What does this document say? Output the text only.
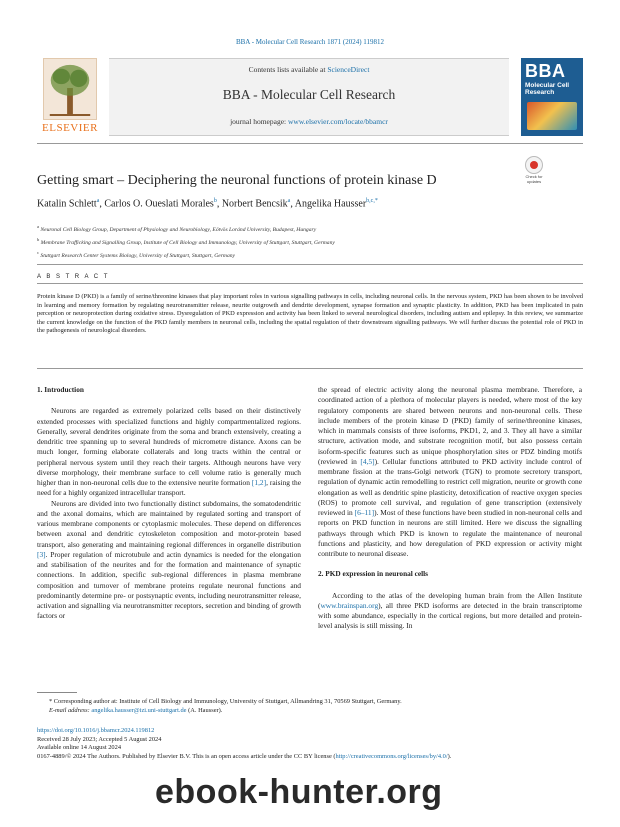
BBA - Molecular Cell Research 1871 (2024) 119812
ELSEVIER
Contents lists available at ScienceDirect
BBA - Molecular Cell Research
journal homepage: www.elsevier.com/locate/bbamcr
BBA
Molecular Cell Research
Getting smart – Deciphering the neuronal functions of protein kinase D	Check for
updates
Katalin Schlett$^a$, Carlos O. Oueslati Morales$^b$, Norbert Bencsik$^a$, Angelika Hausser$^{b,c,*}$
$^a$ Neuronal Cell Biology Group, Department of Physiology and Neurobiology, Eötvös Loránd University, Budapest, Hungary
$^b$ Membrane Trafficking and Signalling Group, Institute of Cell Biology and Immunology, University of Stuttgart, Stuttgart, Germany
$^c$ Stuttgart Research Center Systems Biology, University of Stuttgart, Stuttgart, Germany
A B S T R A C T
Protein kinase D (PKD) is a family of serine/threonine kinases that play important roles in various signalling pathways in cells, including neuronal cells. In the nervous system, PKD has been shown to be involved in learning and memory formation by regulating neurotransmitter release, neurite outgrowth and dendrite development, synapse formation and synaptic plasticity. In addition, PKD has been implicated in pain perception or neuroprotection during oxidative stress. Dysregulation of PKD expression and activity has been linked to several neurological disorders, including autism and epilepsy. In this review, we summarize the current knowledge on the function of the PKD family members in neuronal cells, including the spatial regulation of their downstream signalling pathways. We will further discuss the potential role of PKD in the pathogenesis of neurological disorders.
1. Introduction

Neurons are regarded as extremely polarized cells based on their distinctively extended processes with specialized functions and highly compartmentalized regions. Generally, several dendrites originate from the soma and branch extensively, creating a dendritic tree spanning up to several hundreds of micrometre distance. Axons can be much longer, forming elaborate collaterals and long tracts within the central or peripheral nervous system until they reach their targets. Although neurons have very diverse morphology, their membrane surface to cell volume ratio is generally much higher than in non-neuronal cells due to the extensive neurite formation [1,2], raising the need for a highly organized intracellular transport.

Neurons are divided into two functionally distinct subdomains, the somatodendritic and the axonal domains, which are maintained by regulated sorting and transport of various membrane components or cytoplasmic molecules. These depend on differences between axonal and dendritic cytoskeleton composition and motor-protein based transport, also generating and maintaining regional differences in organelle distribution [3]. Proper regulation of microtubule and actin dynamics is needed for the elongation and stabilisation of the neurites and for the formation and maintenance of synaptic connections. In addition, specific sub-regional differences in plasma membrane composition and turnover of membrane proteins regulate neuronal functions and predominantly determine pre- or postsynaptic events, including neurotransmitter release, activation and signalling via neurotransmitter receptors, secretion and binding of growth factors or

the spread of electric activity along the neuronal plasma membrane. Therefore, a coordinated action of a plethora of molecular players is needed, where most of the key regulatory components are shared between neurons and non-neuronal cells. These include members of the protein kinase D (PKD) family of serine/threonine kinases, which in mammals consists of three isoforms, PKD1, 2, and 3. They all have a similar structure, activation mode, and substrate recognition motif, but also possess certain isoform-specific features such as unique phosphorylation sites or PDZ binding motifs (reviewed in [4,5]). Cellular functions attributed to PKD activity include control of membrane fission at the trans-Golgi network (TGN) to promote secretory transport, regulation of dynamic actin remodelling to restrict cell migration, neurite or growth cone elongation as well as dendritic spine plasticity, detoxification of reactive oxygen species (ROS) to promote cell survival, and regulation of gene transcription (extensively reviewed in [6–11]). Most of these functions have been studied in non-neuronal cells and reports on PKD function in neurons are still limited. Here we discuss the signalling pathways through which PKD is known to regulate the maintenance of neuronal functions and plasticity, and how deregulation of PKD expression or activity might contribute to neuronal disease.

2. PKD expression in neuronal cells

According to the atlas of the developing human brain from the Allen Institute (www.brainspan.org), all three PKD isoforms are detected in the brain transcriptome with some abundance, especially in the cortical regions, but more detailed and protein-level analysis is still missing. In

* Corresponding author at: Institute of Cell Biology and Immunology, University of Stuttgart, Allmandring 31, 70569 Stuttgart, Germany.
E-mail address: angelika.hausser@izi.uni-stuttgart.de (A. Hausser).
https://doi.org/10.1016/j.bbamcr.2024.119812
Received 28 July 2023; Accepted 5 August 2024
Available online 14 August 2024
0167-4889/© 2024 The Authors. Published by Elsevier B.V. This is an open access article under the CC BY license (http://creativecommons.org/licenses/by/4.0/).
ebook-hunter.org
